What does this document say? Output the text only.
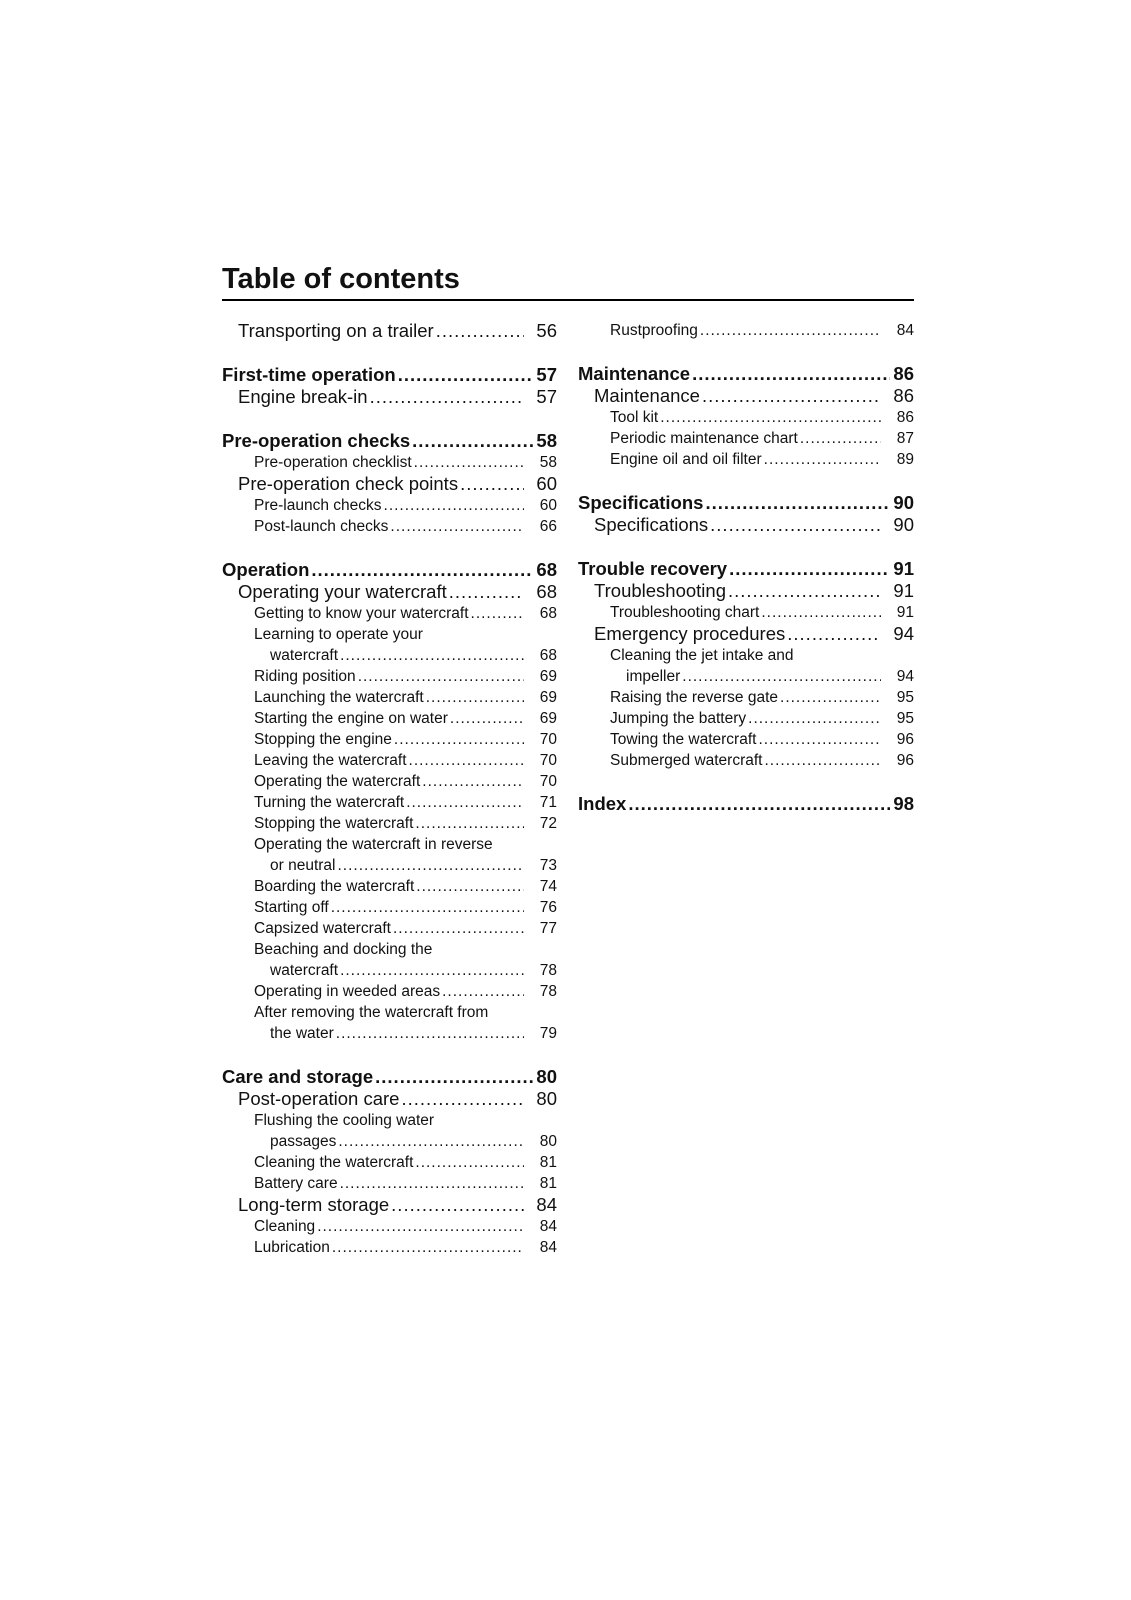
Table of contents
Transporting on a trailer .....	56
First-time operation .....	57
Engine break-in .....	57
Pre-operation checks .....	58
Pre-operation checklist .....	58
Pre-operation check points .....	60
Pre-launch checks .....	60
Post-launch checks .....	66
Operation .....	68
Operating your watercraft .....	68
Getting to know your watercraft .....	68
Learning to operate your
watercraft .....	68
Riding position .....	69
Launching the watercraft .....	69
Starting the engine on water .....	69
Stopping the engine .....	70
Leaving the watercraft .....	70
Operating the watercraft .....	70
Turning the watercraft .....	71
Stopping the watercraft .....	72
Operating the watercraft in reverse
or neutral .....	73
Boarding the watercraft .....	74
Starting off .....	76
Capsized watercraft .....	77
Beaching and docking the
watercraft .....	78
Operating in weeded areas .....	78
After removing the watercraft from
the water .....	79
Care and storage .....	80
Post-operation care .....	80
Flushing the cooling water
passages .....	80
Cleaning the watercraft .....	81
Battery care .....	81
Long-term storage .....	84
Cleaning .....	84
Lubrication .....	84
Rustproofing .....	84
Maintenance .....	86
Maintenance .....	86
Tool kit .....	86
Periodic maintenance chart .....	87
Engine oil and oil filter .....	89
Specifications .....	90
Specifications .....	90
Trouble recovery .....	91
Troubleshooting .....	91
Troubleshooting chart .....	91
Emergency procedures .....	94
Cleaning the jet intake and
impeller .....	94
Raising the reverse gate .....	95
Jumping the battery .....	95
Towing the watercraft .....	96
Submerged watercraft .....	96
Index .....	98
